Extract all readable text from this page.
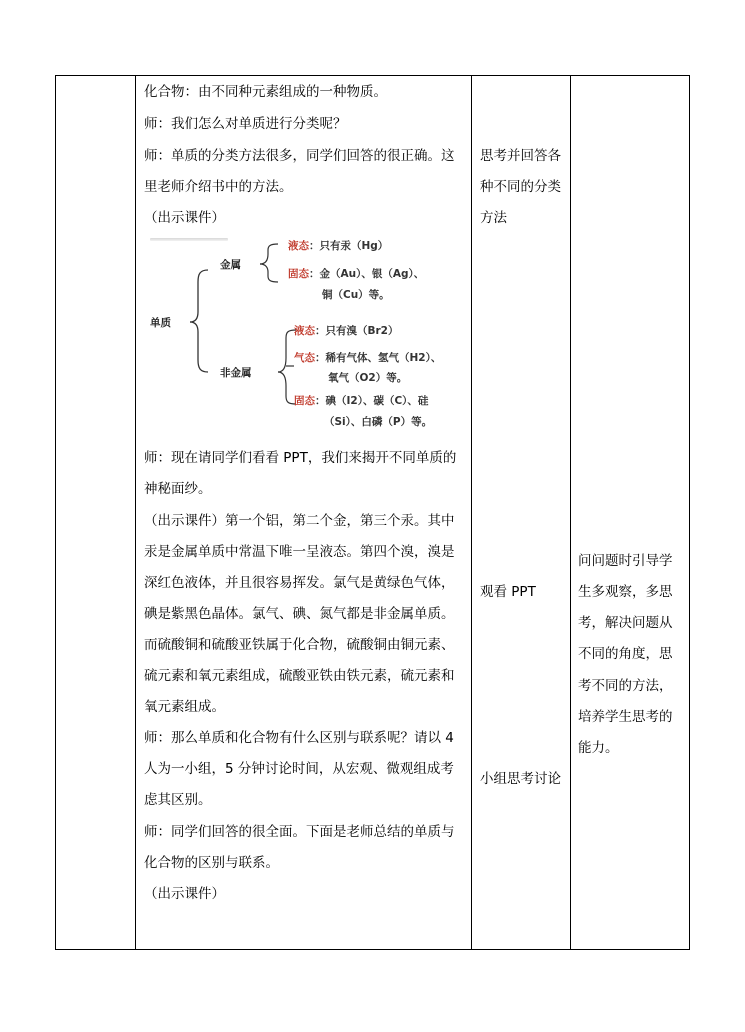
化合物：由不同种元素组成的一种物质。
师：我们怎么对单质进行分类呢？
师：单质的分类方法很多，同学们回答的很正确。这
里老师介绍书中的方法。
（出示课件）
单质
金属
非金属
液态：只有汞（Hg）
固态：金（Au）、银（Ag）、
铜（Cu）等。
液态：只有溴（Br2）
气态：稀有气体、氢气（H2）、
氧气（O2）等。
固态：碘（I2）、碳（C）、硅
（Si）、白磷（P）等。
师：现在请同学们看看 PPT，我们来揭开不同单质的
神秘面纱。
（出示课件）第一个铝，第二个金，第三个汞。其中
汞是金属单质中常温下唯一呈液态。第四个溴，溴是
深红色液体，并且很容易挥发。氯气是黄绿色气体，
碘是紫黑色晶体。氯气、碘、氮气都是非金属单质。
而硫酸铜和硫酸亚铁属于化合物，硫酸铜由铜元素、
硫元素和氧元素组成，硫酸亚铁由铁元素，硫元素和
氧元素组成。
师：那么单质和化合物有什么区别与联系呢？请以 4
人为一小组，5 分钟讨论时间，从宏观、微观组成考
虑其区别。
师：同学们回答的很全面。下面是老师总结的单质与
化合物的区别与联系。
（出示课件）
思考并回答各
种不同的分类
方法
观看 PPT
小组思考讨论
问问题时引导学
生多观察，多思
考，解决问题从
不同的角度，思
考不同的方法，
培养学生思考的
能力。
